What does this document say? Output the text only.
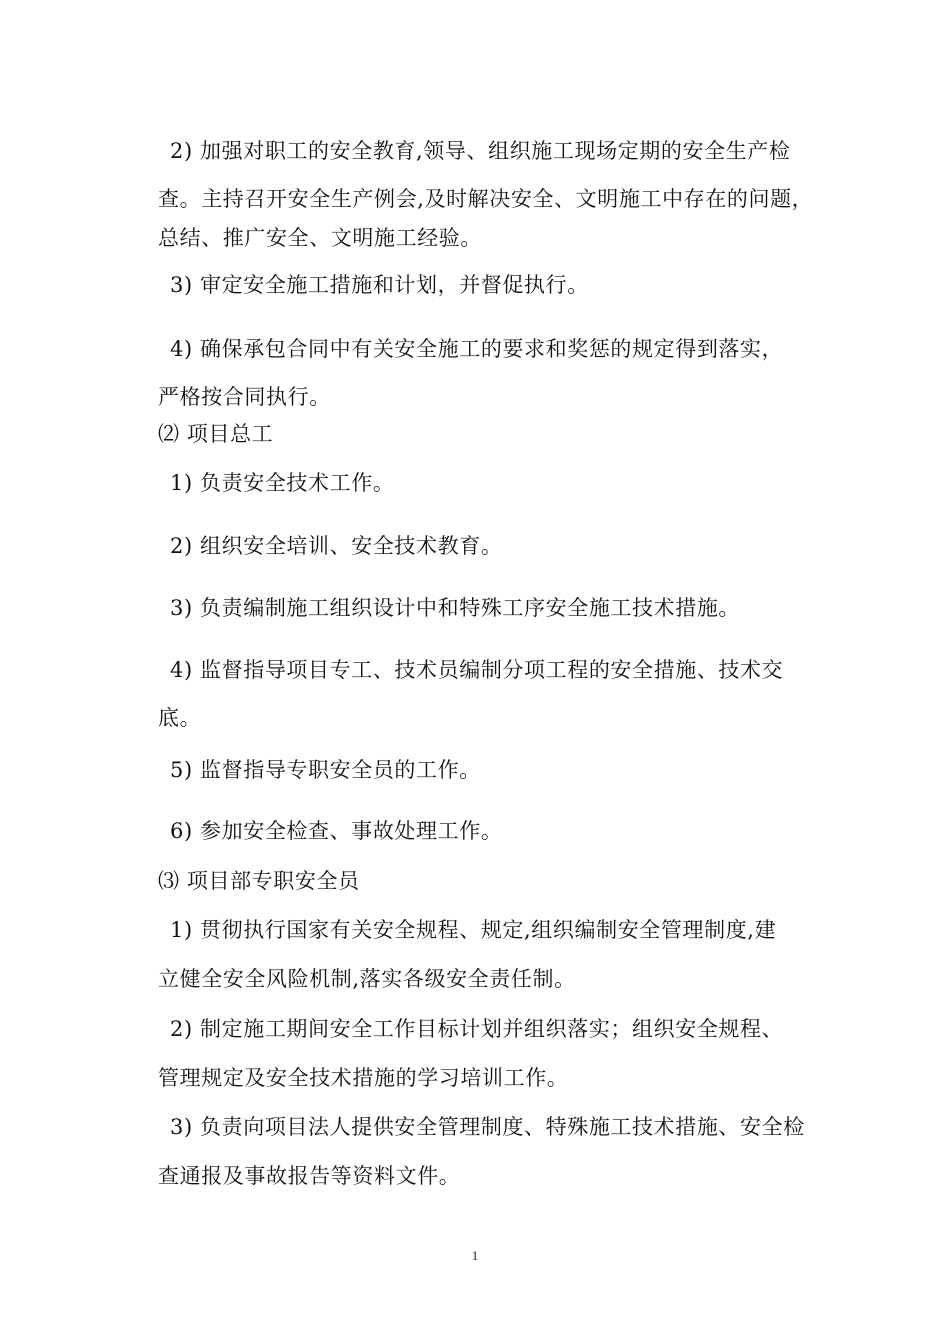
2) 加强对职工的安全教育,领导、组织施工现场定期的安全生产检
查。主持召开安全生产例会,及时解决安全、文明施工中存在的问题，
总结、推广安全、文明施工经验。
3) 审定安全施工措施和计划，并督促执行。
4) 确保承包合同中有关安全施工的要求和奖惩的规定得到落实，
严格按合同执行。
⑵ 项目总工
1) 负责安全技术工作。
2) 组织安全培训、安全技术教育。
3) 负责编制施工组织设计中和特殊工序安全施工技术措施。
4) 监督指导项目专工、技术员编制分项工程的安全措施、技术交
底。
5) 监督指导专职安全员的工作。
6) 参加安全检查、事故处理工作。
⑶ 项目部专职安全员
1) 贯彻执行国家有关安全规程、规定,组织编制安全管理制度,建
立健全安全风险机制,落实各级安全责任制。
2) 制定施工期间安全工作目标计划并组织落实；组织安全规程、
管理规定及安全技术措施的学习培训工作。
3) 负责向项目法人提供安全管理制度、特殊施工技术措施、安全检
查通报及事故报告等资料文件。
1
